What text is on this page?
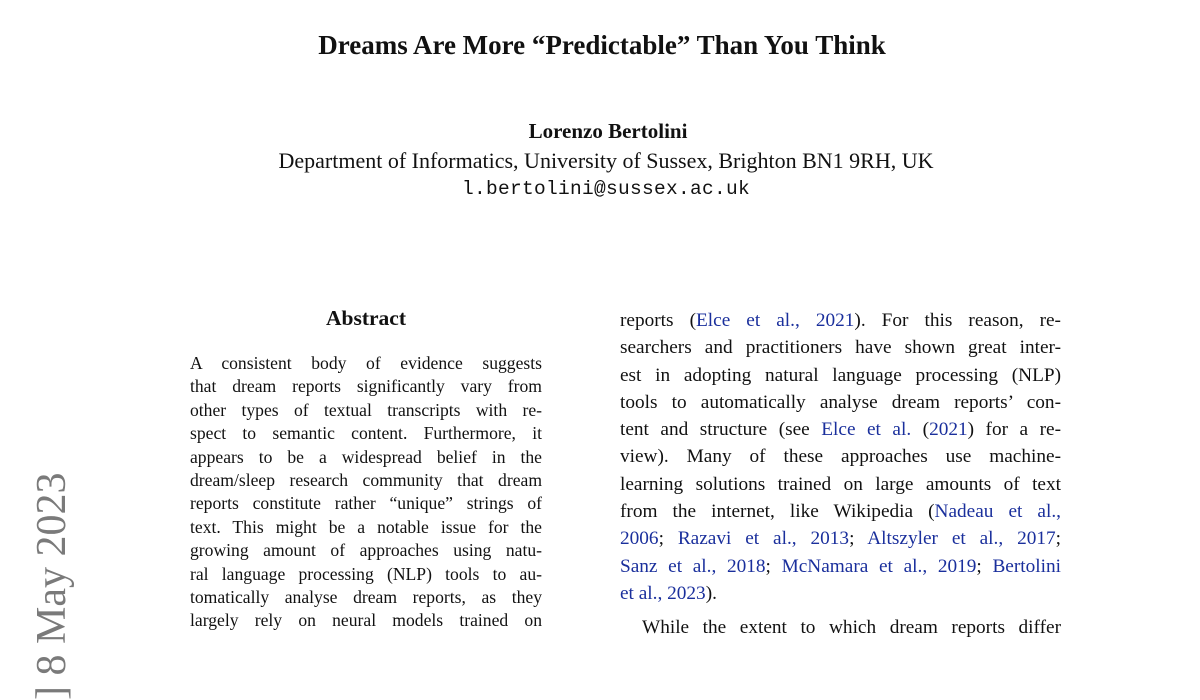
Dreams Are More “Predictable” Than You Think
Lorenzo Bertolini
Department of Informatics, University of Sussex, Brighton BN1 9RH, UK
l.bertolini@sussex.ac.uk
] 8 May 2023
Abstract
A consistent body of evidence suggests
that dream reports significantly vary from
other types of textual transcripts with re-
spect to semantic content. Furthermore, it
appears to be a widespread belief in the
dream/sleep research community that dream
reports constitute rather “unique” strings of
text. This might be a notable issue for the
growing amount of approaches using natu-
ral language processing (NLP) tools to au-
tomatically analyse dream reports, as they
largely rely on neural models trained on
reports (Elce et al., 2021). For this reason, re-
searchers and practitioners have shown great inter-
est in adopting natural language processing (NLP)
tools to automatically analyse dream reports’ con-
tent and structure (see Elce et al. (2021) for a re-
view). Many of these approaches use machine-
learning solutions trained on large amounts of text
from the internet, like Wikipedia (Nadeau et al.,
2006; Razavi et al., 2013; Altszyler et al., 2017;
Sanz et al., 2018; McNamara et al., 2019; Bertolini
et al., 2023).
While the extent to which dream reports differ
